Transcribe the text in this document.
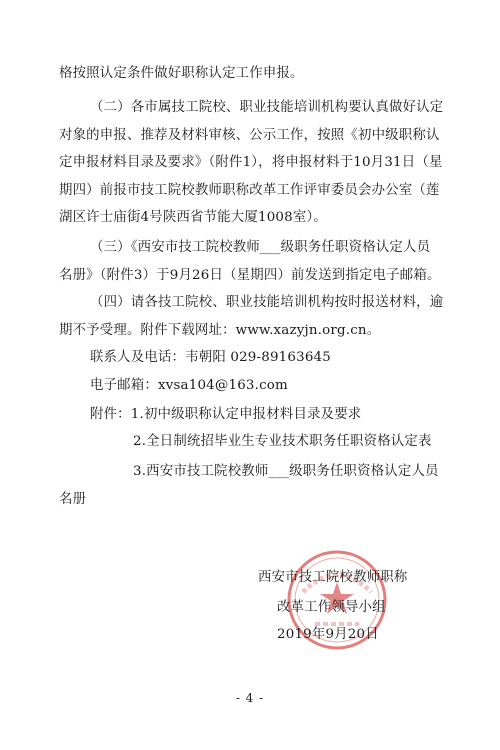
格按照认定条件做好职称认定工作申报。
（二）各市属技工院校、职业技能培训机构要认真做好认定
对象的申报、推荐及材料审核、公示工作，按照《初中级职称认
定申报材料目录及要求》（附件1），将申报材料于10月31日（星
期四）前报市技工院校教师职称改革工作评审委员会办公室（莲
湖区许士庙街4号陕西省节能大厦1008室）。
（三）《西安市技工院校教师___级职务任职资格认定人员
名册》（附件3）于9月26日（星期四）前发送到指定电子邮箱。
（四）请各技工院校、职业技能培训机构按时报送材料，逾
期不予受理。附件下载网址：www.xazyjn.org.cn。
联系人及电话：韦朝阳 029-89163645
电子邮箱：xvsa104@163.com
附件：1.初中级职称认定申报材料目录及要求
2.全日制统招毕业生专业技术职务任职资格认定表
3.西安市技工院校教师___级职务任职资格认定人员
名册
西安市技工院校教师职称
改革工作领导小组
2019年9月20日
- 4 -
